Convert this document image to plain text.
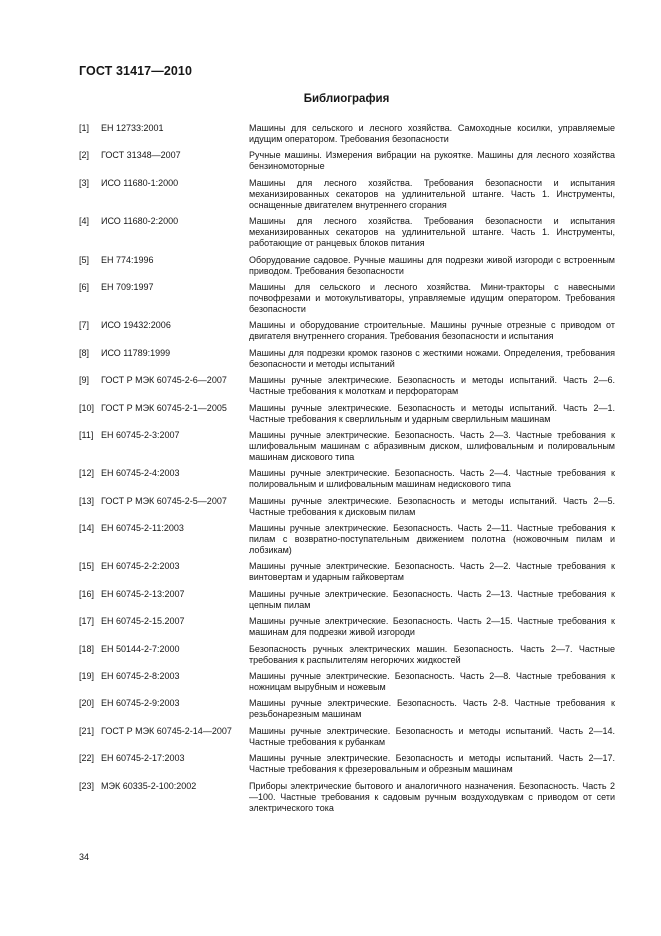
ГОСТ 31417—2010
Библиография
[1]	ЕН 12733:2001	Машины для сельского и лесного хозяйства. Самоходные косилки, управляемые идущим оператором. Требования безопасности
[2]	ГОСТ 31348—2007	Ручные машины. Измерения вибрации на рукоятке. Машины для лесного хозяйства бензиномоторные
[3]	ИСО 11680-1:2000	Машины для лесного хозяйства. Требования безопасности и испытания механизированных секаторов на удлинительной штанге. Часть 1. Инструменты, оснащенные двигателем внутреннего сгорания
[4]	ИСО 11680-2:2000	Машины для лесного хозяйства. Требования безопасности и испытания механизированных секаторов на удлинительной штанге. Часть 1. Инструменты, работающие от ранцевых блоков питания
[5]	ЕН 774:1996	Оборудование садовое. Ручные машины для подрезки живой изгороди с встроенным приводом. Требования безопасности
[6]	ЕН 709:1997	Машины для сельского и лесного хозяйства. Мини-тракторы с навесными почвофрезами и мотокультиваторы, управляемые идущим оператором. Требования безопасности
[7]	ИСО 19432:2006	Машины и оборудование строительные. Машины ручные отрезные с приводом от двигателя внутреннего сгорания. Требования безопасности и испытания
[8]	ИСО 11789:1999	Машины для подрезки кромок газонов с жесткими ножами. Определения, требования безопасности и методы испытаний
[9]	ГОСТ Р МЭК 60745-2-6—2007	Машины ручные электрические. Безопасность и методы испытаний. Часть 2—6. Частные требования к молоткам и перфораторам
[10] ГОСТ Р МЭК 60745-2-1—2005	Машины ручные электрические. Безопасность и методы испытаний. Часть 2—1. Частные требования к сверлильным и ударным сверлильным машинам
[11] ЕН 60745-2-3:2007	Машины ручные электрические. Безопасность. Часть 2—3. Частные требования к шлифовальным машинам с абразивным диском, шлифовальным и полировальным машинам дискового типа
[12] ЕН 60745-2-4:2003	Машины ручные электрические. Безопасность. Часть 2—4. Частные требования к полировальным и шлифовальным машинам недискового типа
[13] ГОСТ Р МЭК 60745-2-5—2007	Машины ручные электрические. Безопасность и методы испытаний. Часть 2—5. Частные требования к дисковым пилам
[14] ЕН 60745-2-11:2003	Машины ручные электрические. Безопасность. Часть 2—11. Частные требования к пилам с возвратно-поступательным движением полотна (ножовочным пилам и лобзикам)
[15] ЕН 60745-2-2:2003	Машины ручные электрические. Безопасность. Часть 2—2. Частные требования к винтовертам и ударным гайковертам
[16] ЕН 60745-2-13:2007	Машины ручные электрические. Безопасность. Часть 2—13. Частные требования к цепным пилам
[17] ЕН 60745-2-15.2007	Машины ручные электрические. Безопасность. Часть 2—15. Частные требования к машинам для подрезки живой изгороди
[18] ЕН 50144-2-7:2000	Безопасность ручных электрических машин. Безопасность. Часть 2—7. Частные требования к распылителям негорючих жидкостей
[19] ЕН 60745-2-8:2003	Машины ручные электрические. Безопасность. Часть 2—8. Частные требования к ножницам вырубным и ножевым
[20] ЕН 60745-2-9:2003	Машины ручные электрические. Безопасность. Часть 2-8. Частные требования к резьбонарезным машинам
[21] ГОСТ Р МЭК 60745-2-14—2007	Машины ручные электрические. Безопасность и методы испытаний. Часть 2—14. Частные требования к рубанкам
[22] ЕН 60745-2-17:2003	Машины ручные электрические. Безопасность и методы испытаний. Часть 2—17. Частные требования к фрезеровальным и обрезным машинам
[23] МЭК 60335-2-100:2002	Приборы электрические бытового и аналогичного назначения. Безопасность. Часть 2—100. Частные требования к садовым ручным воздуходувкам с приводом от сети электрического тока
34
